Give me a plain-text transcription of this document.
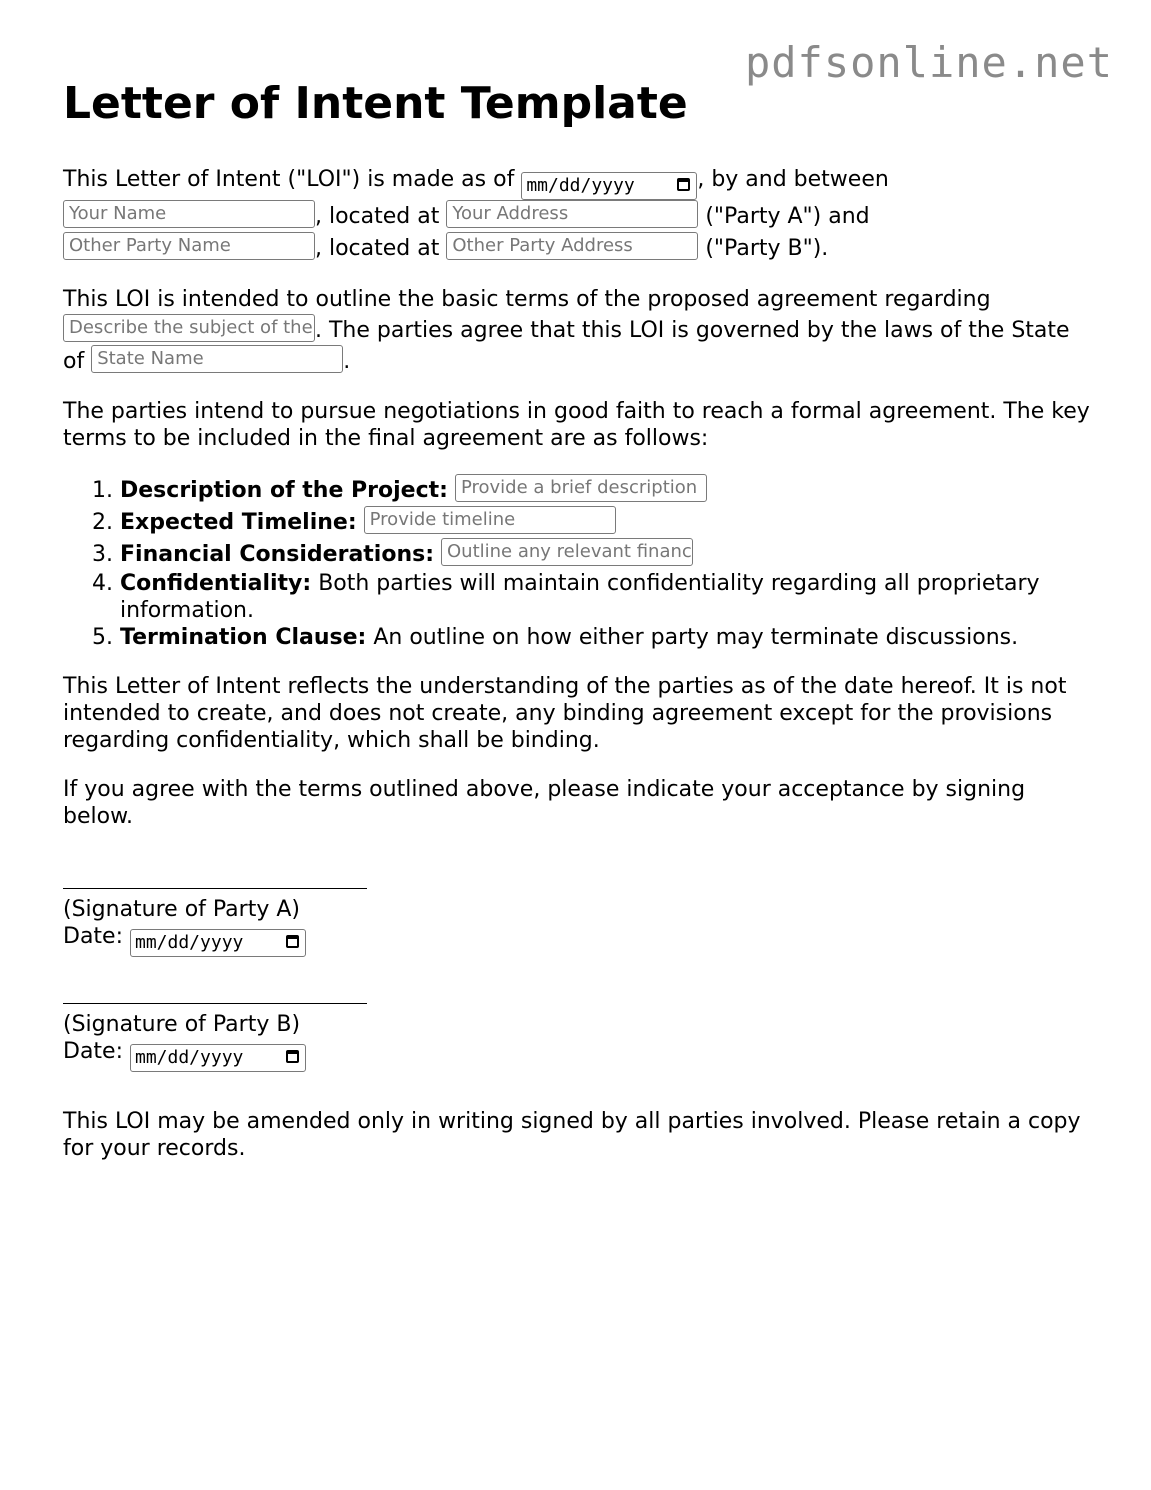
pdfsonline.net
Letter of Intent Template
This Letter of Intent ("LOI") is made as of mm/dd/yyyy	, by and between
Your Name	, located at Your Address	("Party A") and
Other Party Name	, located at Other Party Address	("Party B").

This LOI is intended to outline the basic terms of the proposed agreement regarding Describe the subject of the . The parties agree that this LOI is governed by the laws of the State of State Name	.

The parties intend to pursue negotiations in good faith to reach a formal agreement. The key terms to be included in the final agreement are as follows:

1. Description of the Project: Provide a brief description
2. Expected Timeline: Provide timeline
3. Financial Considerations: Outline any relevant financ
4. Confidentiality: Both parties will maintain confidentiality regarding all proprietary information.
5. Termination Clause: An outline on how either party may terminate discussions.

This Letter of Intent reflects the understanding of the parties as of the date hereof. It is not intended to create, and does not create, any binding agreement except for the provisions regarding confidentiality, which shall be binding.

If you agree with the terms outlined above, please indicate your acceptance by signing below.

(Signature of Party A)
Date: mm/dd/yyyy

(Signature of Party B)
Date: mm/dd/yyyy

This LOI may be amended only in writing signed by all parties involved. Please retain a copy for your records.
